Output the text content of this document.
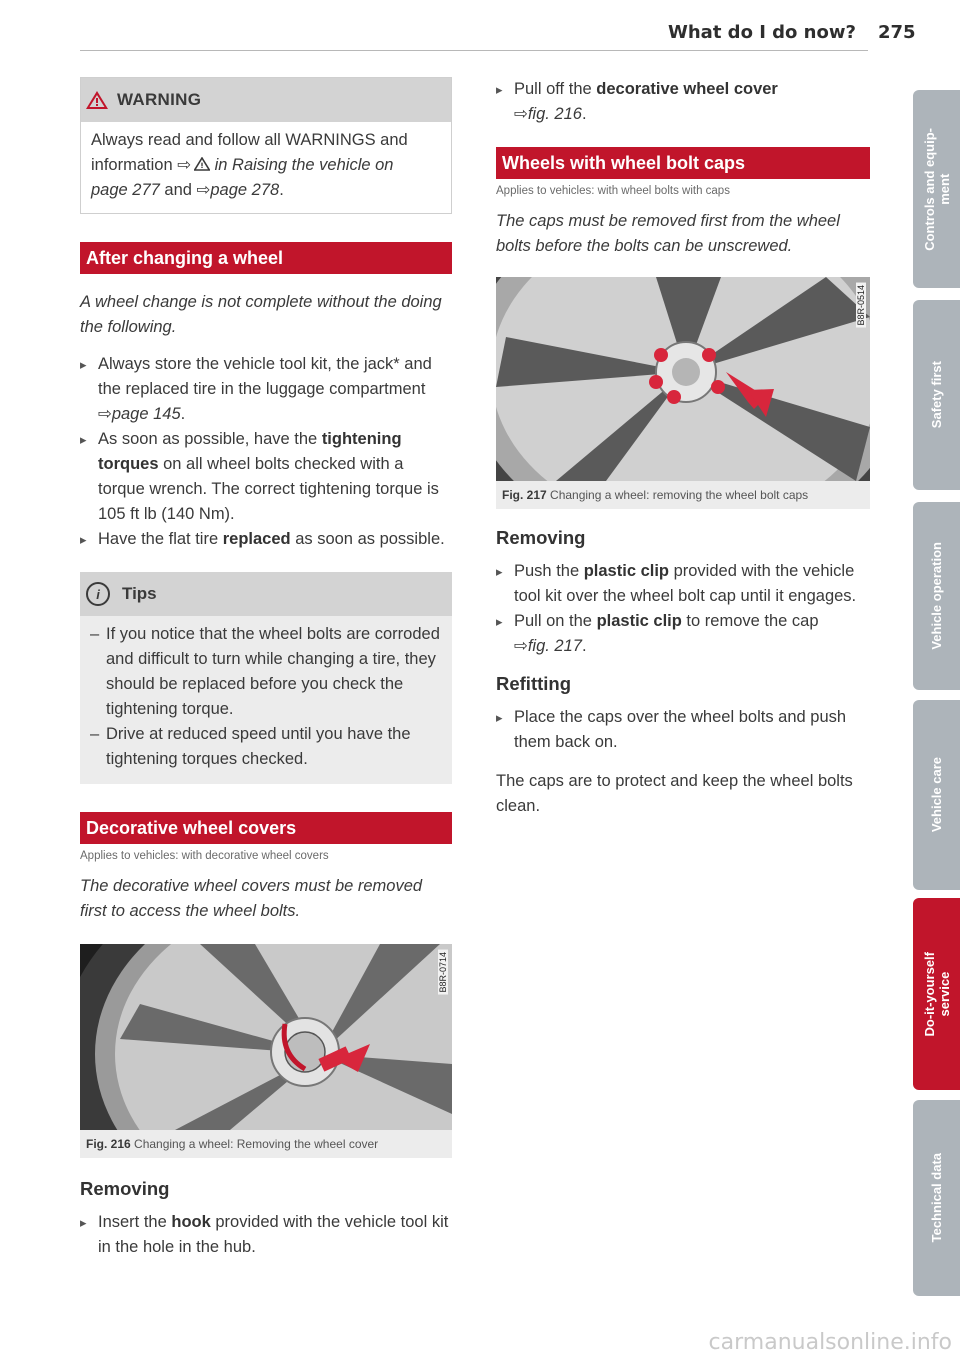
What do I do now? 275
WARNING

Always read and follow all WARNINGS and

information ⇨ in Raising the vehicle on

page 277 and ⇨page 278.

After changing a wheel

A wheel change is not complete without the doing the following.

▸ Always store the vehicle tool kit, the jack* and the replaced tire in the luggage compartment ⇨page 145.
▸ As soon as possible, have the tightening torques on all wheel bolts checked with a torque wrench. The correct tightening torque is 105 ft lb (140 Nm).
▸ Have the flat tire replaced as soon as possible.
i	Tips
– If you notice that the wheel bolts are corroded and difficult to turn while changing a tire, they should be replaced before you check the tightening torque.
– Drive at reduced speed until you have the tightening torques checked.
Decorative wheel covers

Applies to vehicles: with decorative wheel covers

The decorative wheel covers must be removed first to access the wheel bolts.

B8R-0714
Fig. 216 Changing a wheel: Removing the wheel cover
Removing
▸ Insert the hook provided with the vehicle tool kit in the hole in the hub.
▸ Pull off the decorative wheel cover
⇨fig. 216.
Wheels with wheel bolt caps

Applies to vehicles: with wheel bolts with caps

The caps must be removed first from the wheel bolts before the bolts can be unscrewed.

B8R-0514
Fig. 217 Changing a wheel: removing the wheel bolt caps
Removing
▸ Push the plastic clip provided with the vehicle tool kit over the wheel bolt cap until it engages.
▸ Pull on the plastic clip to remove the cap
⇨fig. 217.
Refitting
▸ Place the caps over the wheel bolts and push them back on.

The caps are to protect and keep the wheel bolts clean.

Controls and equip-
ment
Safety first
Vehicle operation
Vehicle care
Do-it-yourself
service
Technical data
carmanualsonline.info
